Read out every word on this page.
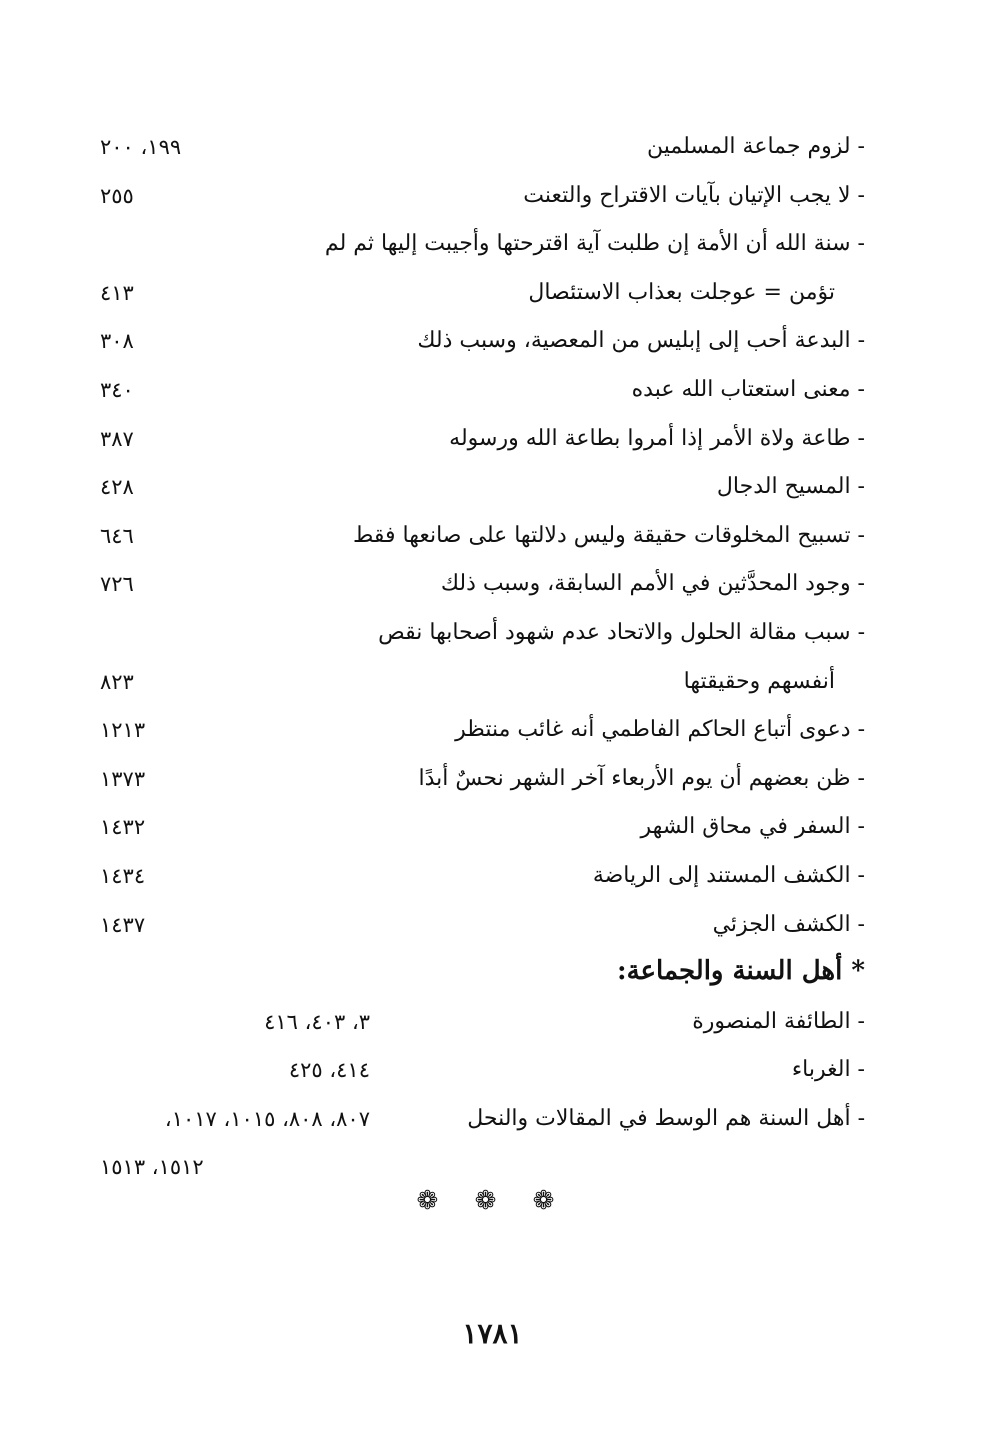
- لزوم جماعة المسلمين
١٩٩، ٢٠٠
- لا يجب الإتيان بآيات الاقتراح والتعنت
٢٥٥
- سنة الله أن الأمة إن طلبت آية اقترحتها وأجيبت إليها ثم لم
تؤمن = عوجلت بعذاب الاستئصال
٤١٣
- البدعة أحب إلى إبليس من المعصية، وسبب ذلك
٣٠٨
- معنى استعتاب الله عبده
٣٤٠
- طاعة ولاة الأمر إذا أمروا بطاعة الله ورسوله
٣٨٧
- المسيح الدجال
٤٢٨
- تسبيح المخلوقات حقيقة وليس دلالتها على صانعها فقط
٦٤٦
- وجود المحدَّثين في الأمم السابقة، وسبب ذلك
٧٢٦
- سبب مقالة الحلول والاتحاد عدم شهود أصحابها نقص
أنفسهم وحقيقتها
٨٢٣
- دعوى أتباع الحاكم الفاطمي أنه غائب منتظر
١٢١٣
- ظن بعضهم أن يوم الأربعاء آخر الشهر نحسٌ أبدًا
١٣٧٣
- السفر في محاق الشهر
١٤٣٢
- الكشف المستند إلى الرياضة
١٤٣٤
- الكشف الجزئي
١٤٣٧
* أهل السنة والجماعة:
- الطائفة المنصورة
٣، ٤٠٣، ٤١٦
- الغرباء
٤١٤، ٤٢٥
- أهل السنة هم الوسط في المقالات والنحل
٨٠٧، ٨٠٨، ١٠١٥، ١٠١٧،
١٥١٢، ١٥١٣
❁ ❁ ❁
١٧٨١
